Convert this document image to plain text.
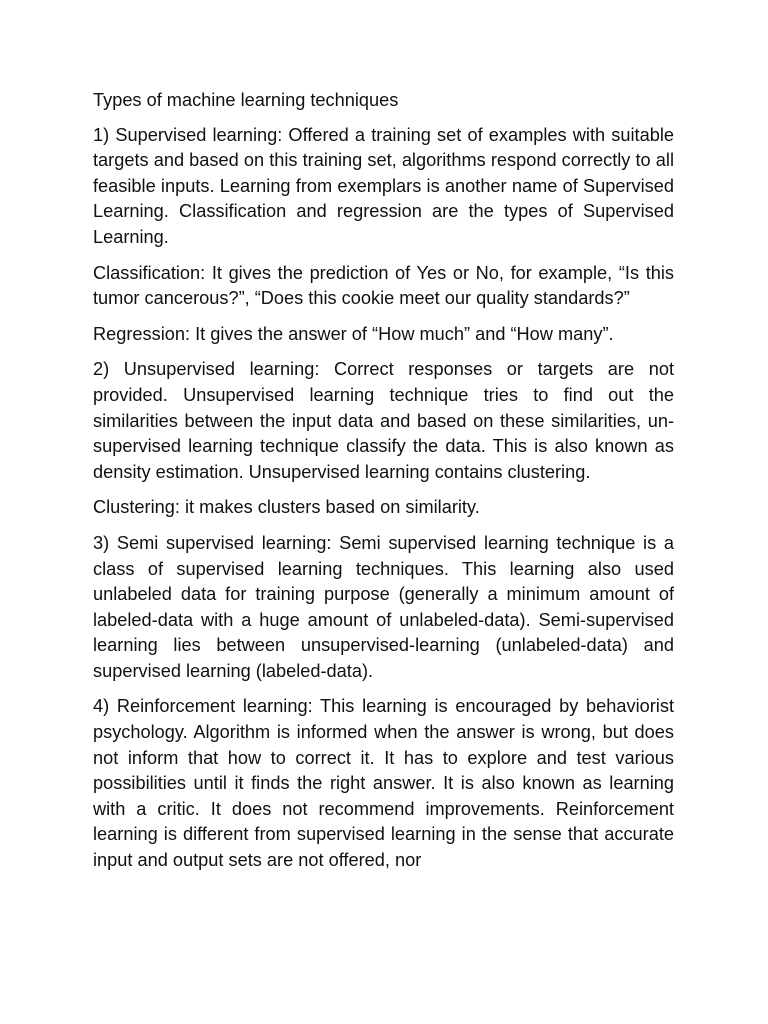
Types of machine learning techniques

1) Supervised learning: Offered a training set of examples with suitable targets and based on this training set, algorithms respond correctly to all feasible inputs. Learning from exemplars is another name of Supervised Learning. Classification and regression are the types of Supervised Learning.

Classification: It gives the prediction of Yes or No, for example, “Is this tumor cancerous?”, “Does this cookie meet our quality standards?”

Regression: It gives the answer of “How much” and “How many”.

2) Unsupervised learning: Correct responses or targets are not provided. Unsupervised learning technique tries to find out the similarities between the input data and based on these similarities, un-supervised learning technique classify the data. This is also known as density estimation. Unsupervised learning contains clustering.

Clustering: it makes clusters based on similarity.

3) Semi supervised learning: Semi supervised learning technique is a class of supervised learning techniques. This learning also used unlabeled data for training purpose (generally a minimum amount of labeled-data with a huge amount of unlabeled-data). Semi-supervised learning lies between unsupervised-learning (unlabeled-data) and supervised learning (labeled-data).

4) Reinforcement learning: This learning is encouraged by behaviorist psychology. Algorithm is informed when the answer is wrong, but does not inform that how to correct it. It has to explore and test various possibilities until it finds the right answer. It is also known as learning with a critic. It does not recommend improvements. Reinforcement learning is different from supervised learning in the sense that accurate input and output sets are not offered, nor
